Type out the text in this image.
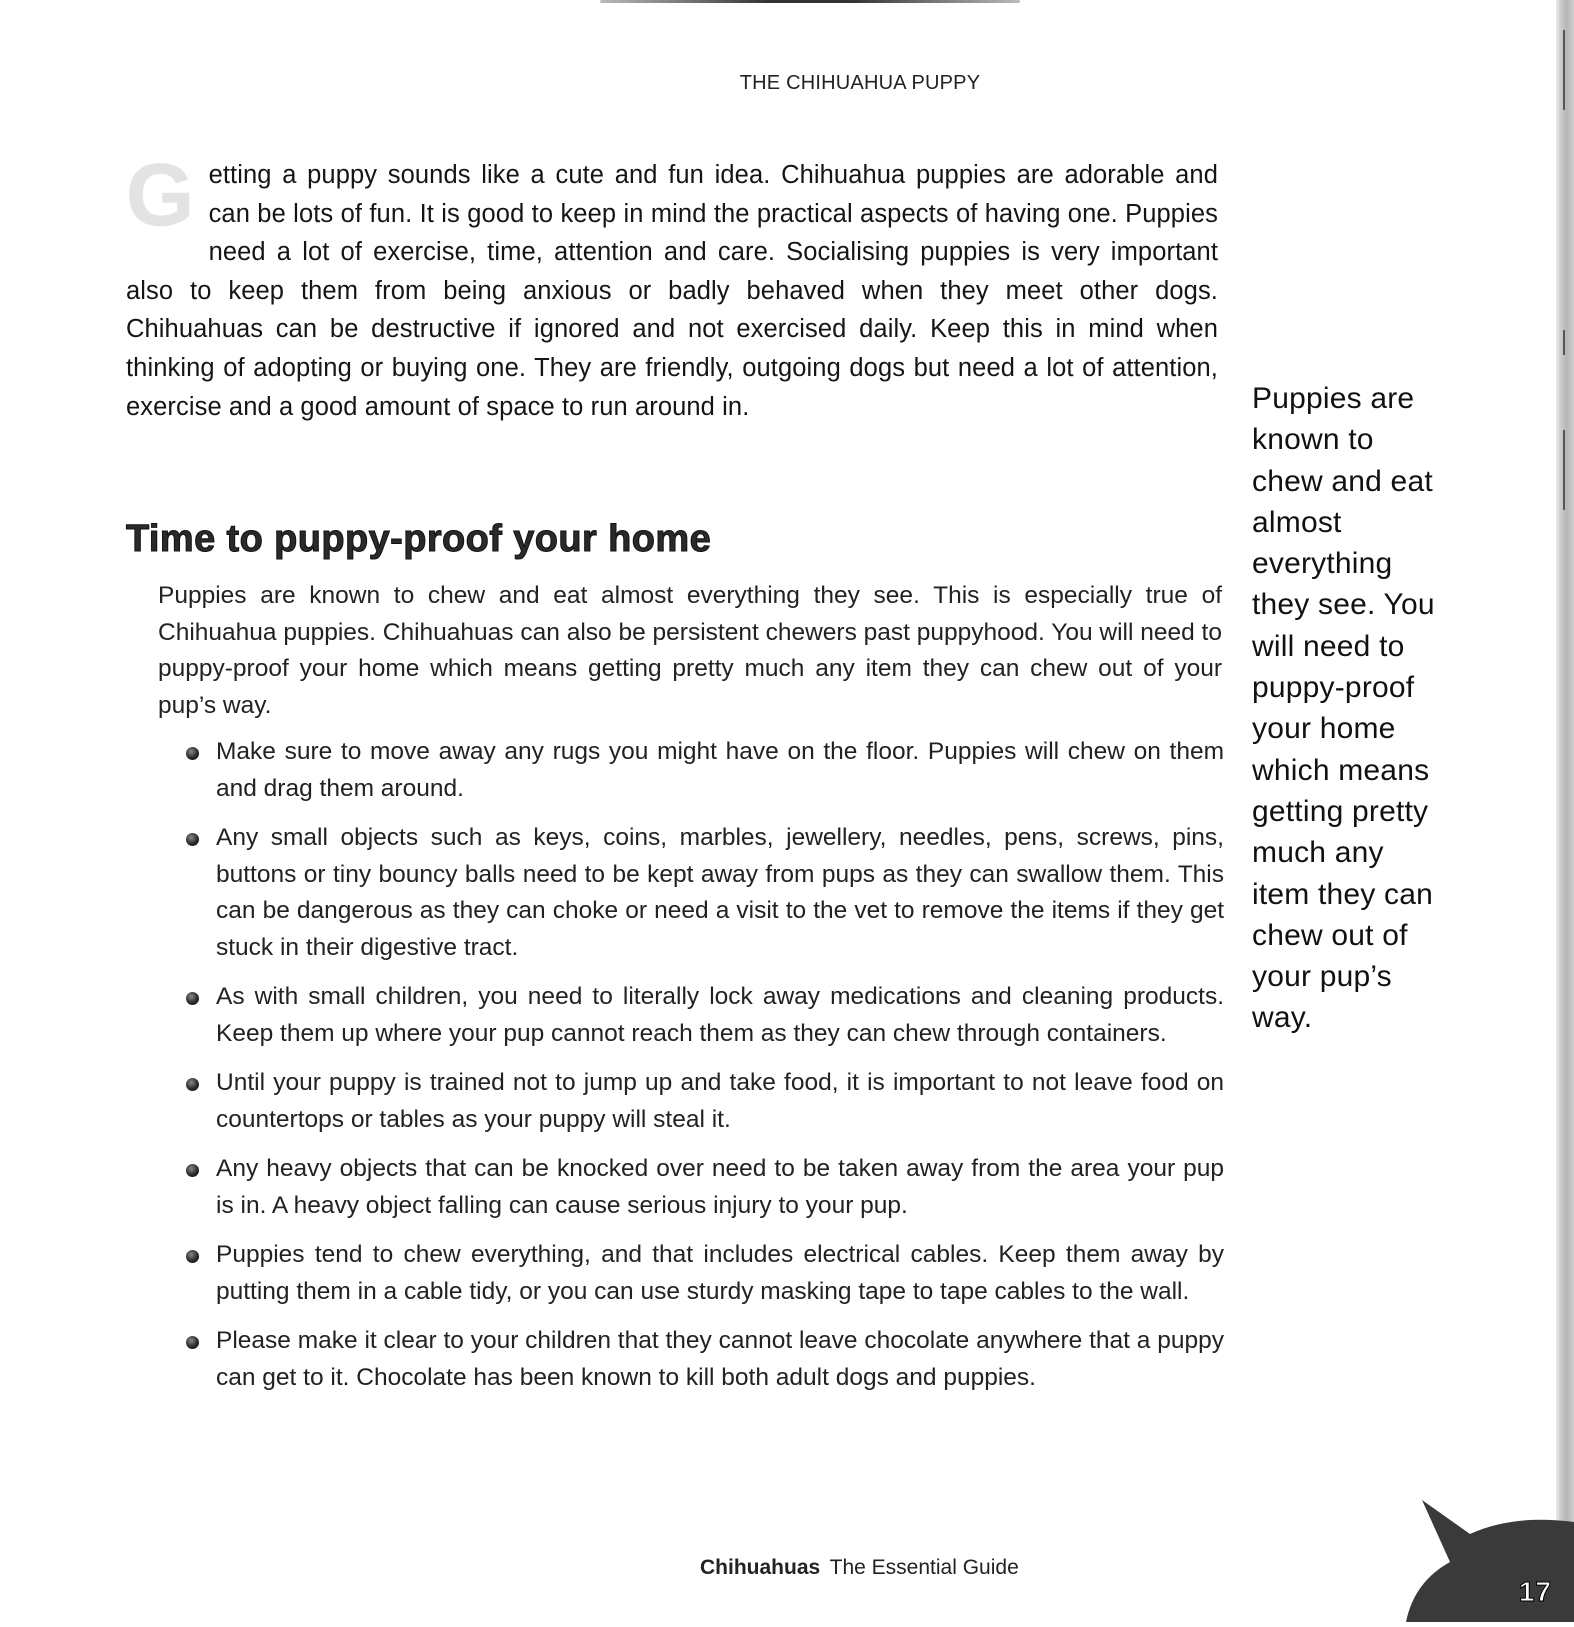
THE CHIHUAHUA PUPPY
G etting a puppy sounds like a cute and fun idea. Chihuahua puppies are adorable and can be lots of fun. It is good to keep in mind the practical aspects of having one. Puppies need a lot of exercise, time, attention and care. Socialising puppies is very important also to keep them from being anxious or badly behaved when they meet other dogs. Chihuahuas can be destructive if ignored and not exercised daily. Keep this in mind when thinking of adopting or buying one. They are friendly, outgoing dogs but need a lot of attention, exercise and a good amount of space to run around in.
Time to puppy-proof your home
Puppies are known to chew and eat almost everything they see. This is especially true of Chihuahua puppies. Chihuahuas can also be persistent chewers past puppyhood. You will need to puppy-proof your home which means getting pretty much any item they can chew out of your pup’s way.
Make sure to move away any rugs you might have on the floor. Puppies will chew on them and drag them around.
Any small objects such as keys, coins, marbles, jewellery, needles, pens, screws, pins, buttons or tiny bouncy balls need to be kept away from pups as they can swallow them. This can be dangerous as they can choke or need a visit to the vet to remove the items if they get stuck in their digestive tract.
As with small children, you need to literally lock away medications and cleaning products. Keep them up where your pup cannot reach them as they can chew through containers.
Until your puppy is trained not to jump up and take food, it is important to not leave food on countertops or tables as your puppy will steal it.
Any heavy objects that can be knocked over need to be taken away from the area your pup is in. A heavy object falling can cause serious injury to your pup.
Puppies tend to chew everything, and that includes electrical cables. Keep them away by putting them in a cable tidy, or you can use sturdy masking tape to tape cables to the wall.
Please make it clear to your children that they cannot leave chocolate anywhere that a puppy can get to it. Chocolate has been known to kill both adult dogs and puppies.
Puppies are known to chew and eat almost everything they see. You will need to puppy-proof your home which means getting pretty much any item they can chew out of your pup’s way.
Chihuahuas The Essential Guide
17
